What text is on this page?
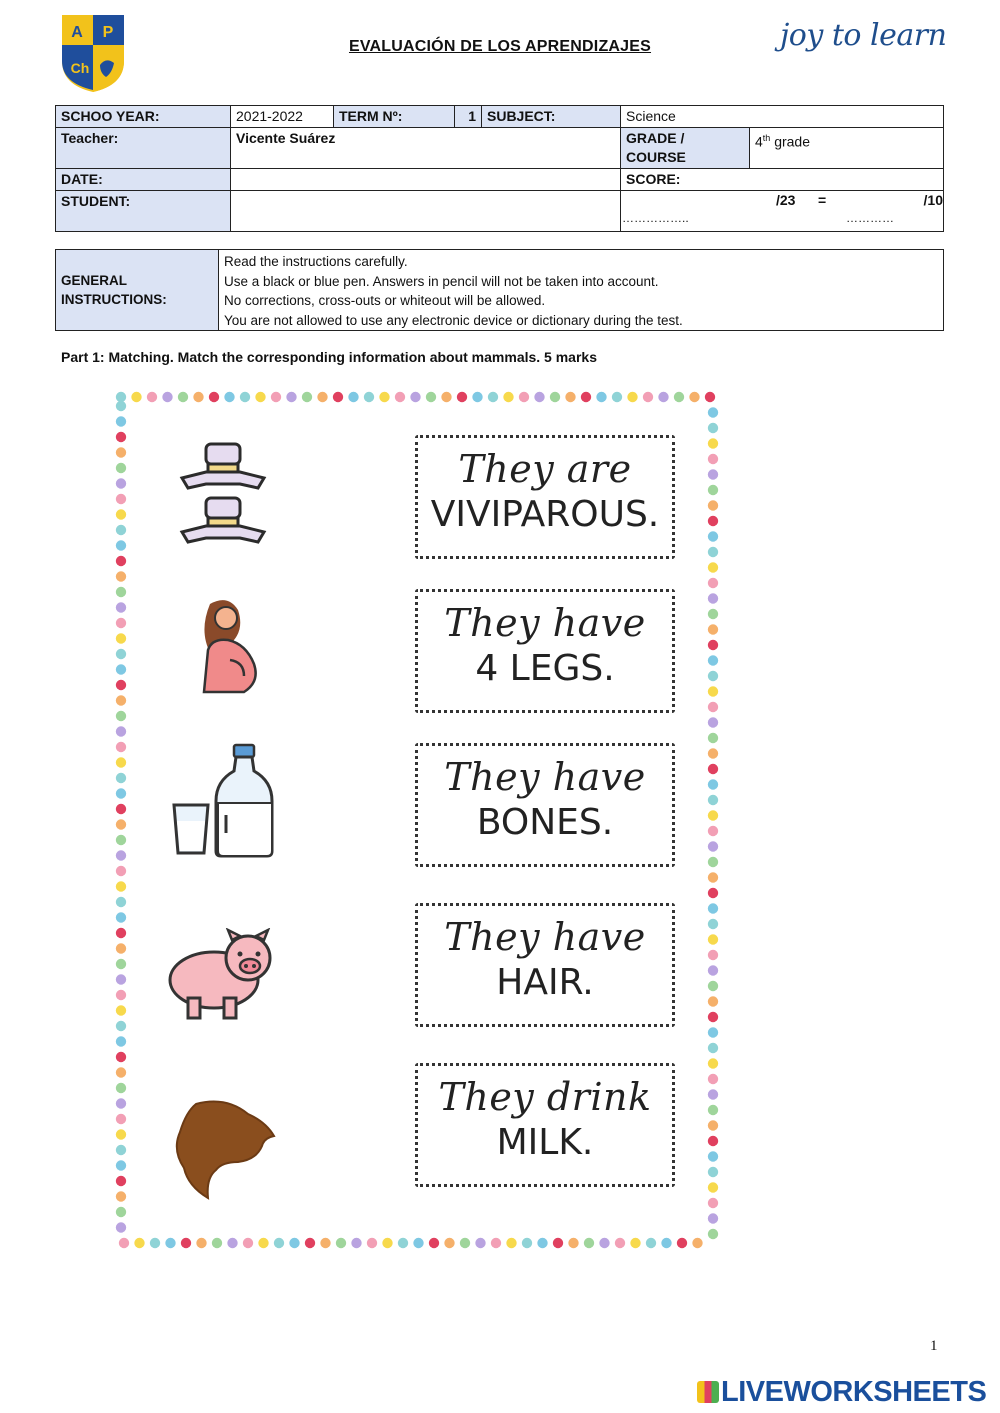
A P
Ch
EVALUACIÓN DE LOS APRENDIZAJES	joy to learn
SCHOO YEAR:	2021-2022	TERM Nº:	1	SUBJECT:	Science	
Teacher:	Vicente Suárez				GRADE / COURSE	4th grade
DATE:					SCORE:	
STUDENT:					/23 = /10
…………….. …………	
GENERAL
INSTRUCTIONS:

Read the instructions carefully.
Use a black or blue pen. Answers in pencil will not be taken into account.
No corrections, cross-outs or whiteout will be allowed.
You are not allowed to use any electronic device or dictionary during the test.
Part 1: Matching. Match the corresponding information about mammals. 5 marks
They are
VIVIPAROUS.
They have
4 LEGS.
They have
BONES.
They have
HAIR.
They drink
MILK.
1
LIVEWORKSHEETS
